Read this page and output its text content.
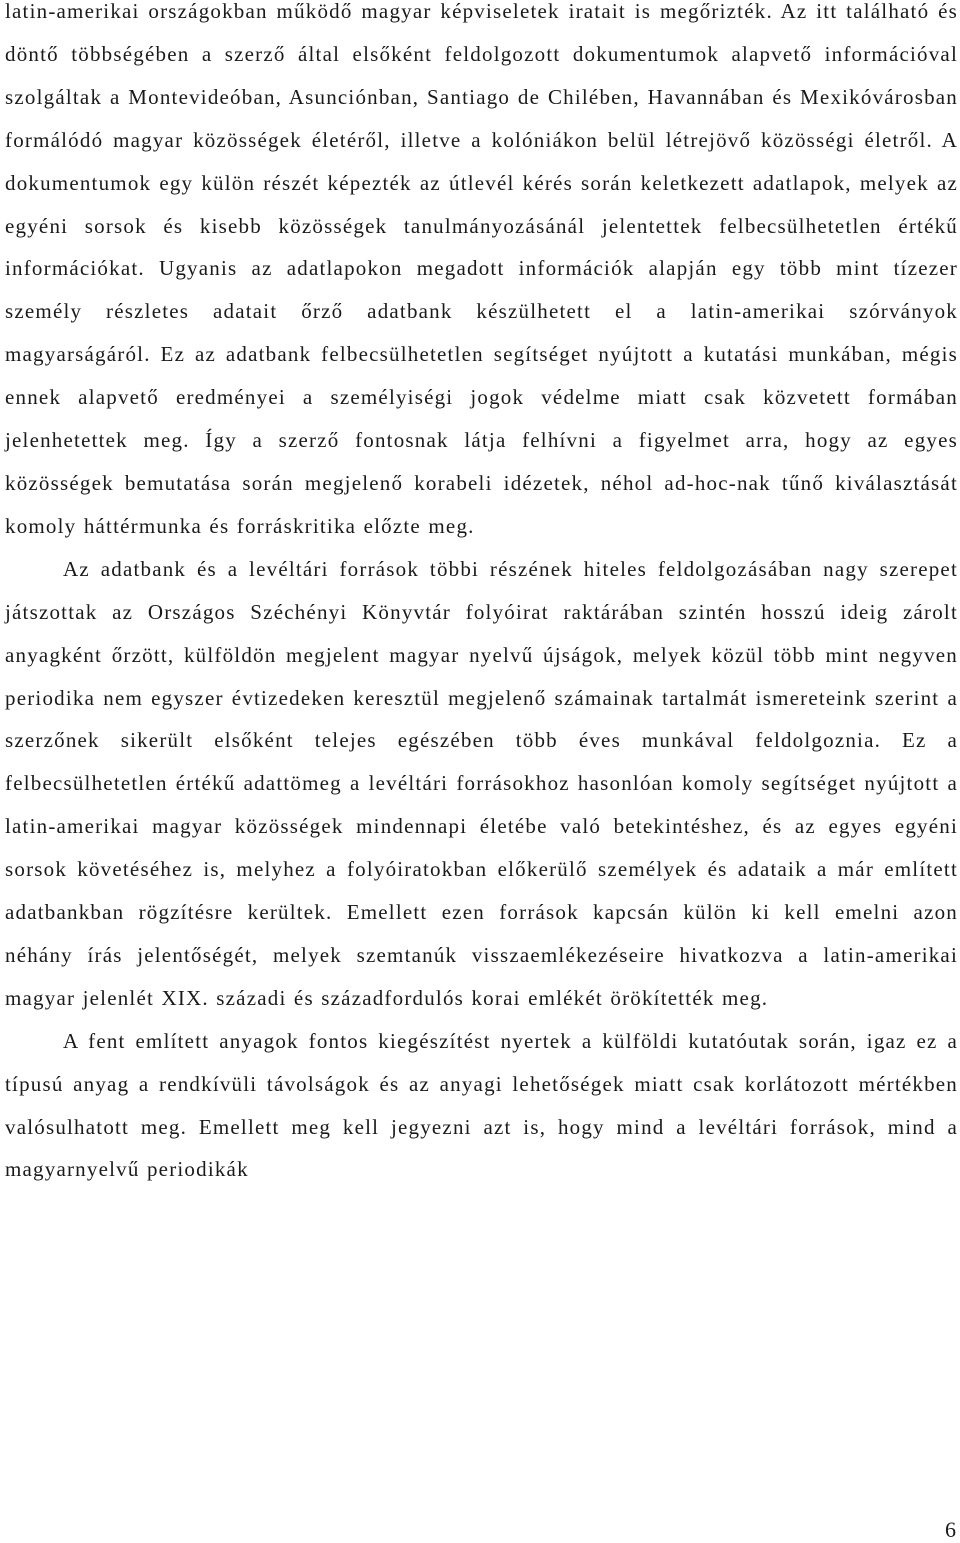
latin-amerikai országokban működő magyar képviseletek iratait is megőrizték. Az itt található és döntő többségében a szerző által elsőként feldolgozott dokumentumok alapvető információval szolgáltak a Montevideóban, Asunciónban, Santiago de Chilében, Havannában és Mexikóvárosban formálódó magyar közösségek életéről, illetve a kolóniákon belül létrejövő közösségi életről. A dokumentumok egy külön részét képezték az útlevél kérés során keletkezett adatlapok, melyek az egyéni sorsok és kisebb közösségek tanulmányozásánál jelentettek felbecsülhetetlen értékű információkat. Ugyanis az adatlapokon megadott információk alapján egy több mint tízezer személy részletes adatait őrző adatbank készülhetett el a latin-amerikai szórványok magyarságáról. Ez az adatbank felbecsülhetetlen segítséget nyújtott a kutatási munkában, mégis ennek alapvető eredményei a személyiségi jogok védelme miatt csak közvetett formában jelenhetettek meg. Így a szerző fontosnak látja felhívni a figyelmet arra, hogy az egyes közösségek bemutatása során megjelenő korabeli idézetek, néhol ad-hoc-nak tűnő kiválasztását komoly háttérmunka és forráskritika előzte meg.

Az adatbank és a levéltári források többi részének hiteles feldolgozásában nagy szerepet játszottak az Országos Széchényi Könyvtár folyóirat raktárában szintén hosszú ideig zárolt anyagként őrzött, külföldön megjelent magyar nyelvű újságok, melyek közül több mint negyven periodika nem egyszer évtizedeken keresztül megjelenő számainak tartalmát ismereteink szerint a szerzőnek sikerült elsőként telejes egészében több éves munkával feldolgoznia. Ez a felbecsülhetetlen értékű adattömeg a levéltári forrásokhoz hasonlóan komoly segítséget nyújtott a latin-amerikai magyar közösségek mindennapi életébe való betekintéshez, és az egyes egyéni sorsok követéséhez is, melyhez a folyóiratokban előkerülő személyek és adataik a már említett adatbankban rögzítésre kerültek. Emellett ezen források kapcsán külön ki kell emelni azon néhány írás jelentőségét, melyek szemtanúk visszaemlékezéseire hivatkozva a latin-amerikai magyar jelenlét XIX. századi és századfordulós korai emlékét örökítették meg.

A fent említett anyagok fontos kiegészítést nyertek a külföldi kutatóutak során, igaz ez a típusú anyag a rendkívüli távolságok és az anyagi lehetőségek miatt csak korlátozott mértékben valósulhatott meg. Emellett meg kell jegyezni azt is, hogy mind a levéltári források, mind a magyarnyelvű periodikák

6
